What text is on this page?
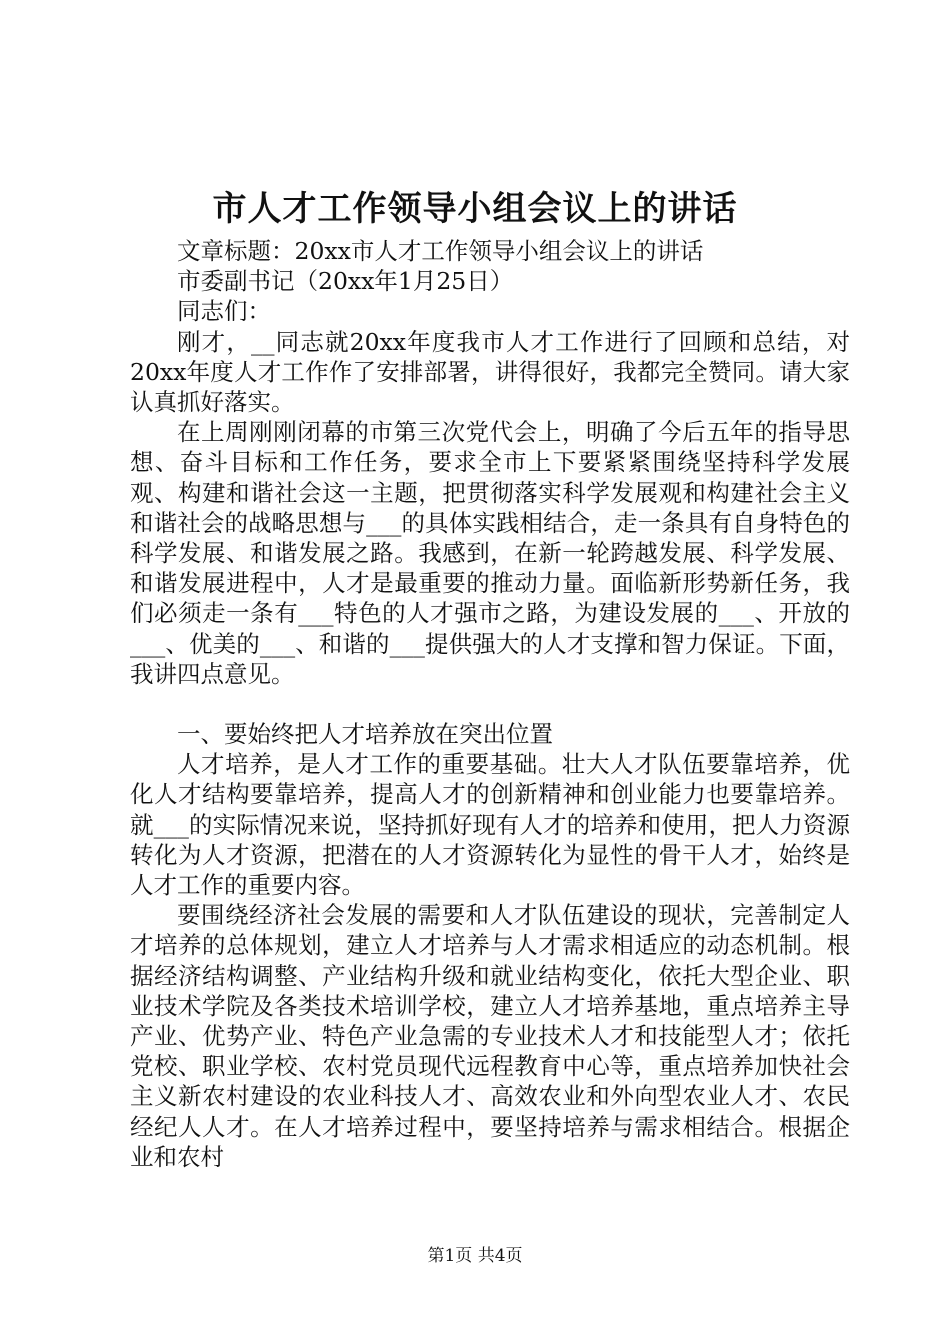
市人才工作领导小组会议上的讲话

文章标题：20xx市人才工作领导小组会议上的讲话

市委副书记（20xx年1月25日）

同志们：

刚才，__同志就20xx年度我市人才工作进行了回顾和总结，对20xx年度人才工作作了安排部署，讲得很好，我都完全赞同。请大家认真抓好落实。

在上周刚刚闭幕的市第三次党代会上，明确了今后五年的指导思想、奋斗目标和工作任务，要求全市上下要紧紧围绕坚持科学发展观、构建和谐社会这一主题，把贯彻落实科学发展观和构建社会主义和谐社会的战略思想与___的具体实践相结合，走一条具有自身特色的科学发展、和谐发展之路。我感到，在新一轮跨越发展、科学发展、和谐发展进程中，人才是最重要的推动力量。面临新形势新任务，我们必须走一条有___特色的人才强市之路，为建设发展的___、开放的___、优美的___、和谐的___提供强大的人才支撑和智力保证。下面，我讲四点意见。

一、要始终把人才培养放在突出位置

人才培养，是人才工作的重要基础。壮大人才队伍要靠培养，优化人才结构要靠培养，提高人才的创新精神和创业能力也要靠培养。就___的实际情况来说，坚持抓好现有人才的培养和使用，把人力资源转化为人才资源，把潜在的人才资源转化为显性的骨干人才，始终是人才工作的重要内容。

要围绕经济社会发展的需要和人才队伍建设的现状，完善制定人才培养的总体规划，建立人才培养与人才需求相适应的动态机制。根据经济结构调整、产业结构升级和就业结构变化，依托大型企业、职业技术学院及各类技术培训学校，建立人才培养基地，重点培养主导产业、优势产业、特色产业急需的专业技术人才和技能型人才；依托党校、职业学校、农村党员现代远程教育中心等，重点培养加快社会主义新农村建设的农业科技人才、高效农业和外向型农业人才、农民经纪人人才。在人才培养过程中，要坚持培养与需求相结合。根据企业和农村

第1页 共4页
